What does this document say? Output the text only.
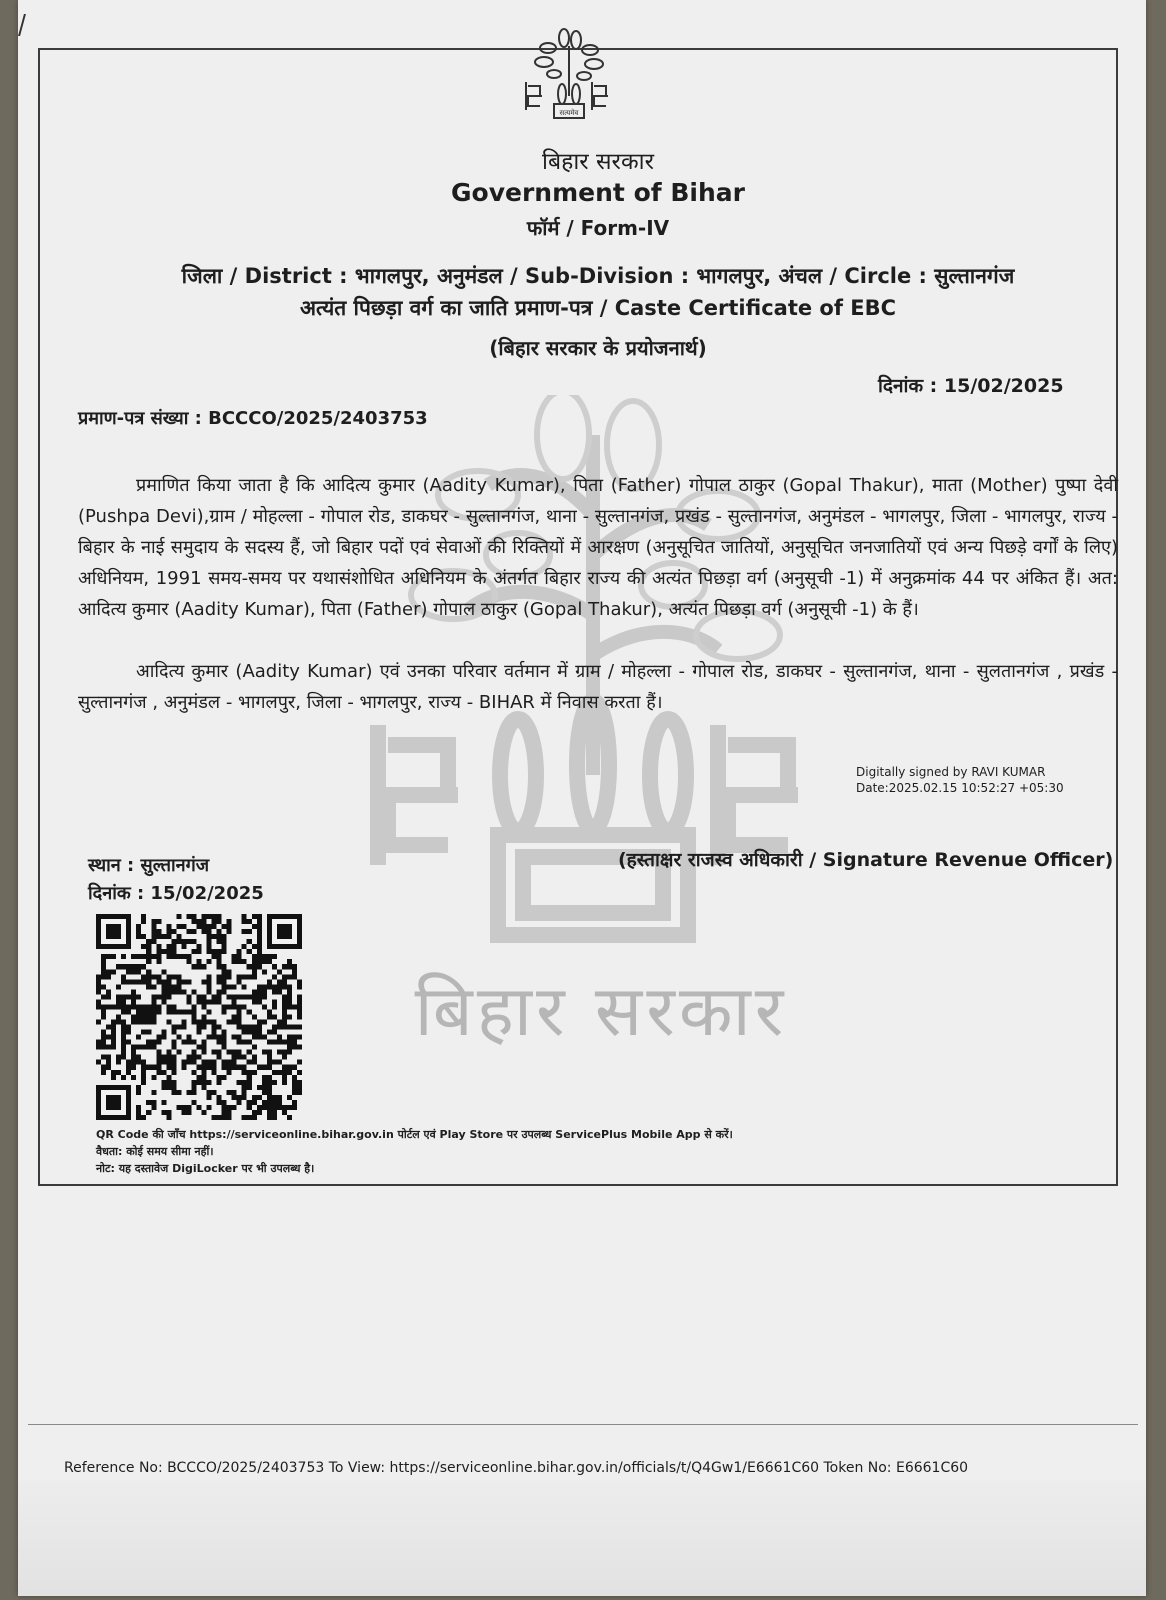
बिहार सरकार
सत्यमेव
बिहार सरकार
Government of Bihar
फॉर्म / Form-IV
जिला / District : भागलपुर, अनुमंडल / Sub-Division : भागलपुर, अंचल / Circle : सुल्तानगंज
अत्यंत पिछड़ा वर्ग का जाति प्रमाण-पत्र / Caste Certificate of EBC
(बिहार सरकार के प्रयोजनार्थ)
दिनांक : 15/02/2025
प्रमाण-पत्र संख्या : BCCCO/2025/2403753

प्रमाणित किया जाता है कि आदित्य कुमार (Aadity Kumar), पिता (Father) गोपाल ठाकुर (Gopal Thakur), माता (Mother) पुष्पा देवी (Pushpa Devi),ग्राम / मोहल्ला - गोपाल रोड, डाकघर - सुल्तानगंज, थाना - सुल्तानगंज, प्रखंड - सुल्तानगंज, अनुमंडल - भागलपुर, जिला - भागलपुर, राज्य - बिहार के नाई समुदाय के सदस्य हैं, जो बिहार पदों एवं सेवाओं की रिक्तियों में आरक्षण (अनुसूचित जातियों, अनुसूचित जनजातियों एवं अन्य पिछड़े वर्गों के लिए) अधिनियम, 1991 समय-समय पर यथासंशोधित अधिनियम के अंतर्गत बिहार राज्य की अत्यंत पिछड़ा वर्ग (अनुसूची -1) में अनुक्रमांक 44 पर अंकित हैं। अत: आदित्य कुमार (Aadity Kumar), पिता (Father) गोपाल ठाकुर (Gopal Thakur), अत्यंत पिछड़ा वर्ग (अनुसूची -1) के हैं।

आदित्य कुमार (Aadity Kumar) एवं उनका परिवार वर्तमान में ग्राम / मोहल्ला - गोपाल रोड, डाकघर - सुल्तानगंज, थाना - सुलतानगंज , प्रखंड - सुल्तानगंज , अनुमंडल - भागलपुर, जिला - भागलपुर, राज्य - BIHAR में निवास करता हैं।

Digitally signed by RAVI KUMAR
Date:2025.02.15 10:52:27 +05:30
स्थान : सुल्तानगंज
दिनांक : 15/02/2025
(हस्ताक्षर राजस्व अधिकारी / Signature Revenue Officer)
QR Code की जाँच https://serviceonline.bihar.gov.in पोर्टल एवं Play Store पर उपलब्ध ServicePlus Mobile App से करें।
वैधता: कोई समय सीमा नहीं।
नोट: यह दस्तावेज DigiLocker पर भी उपलब्ध है।
Reference No: BCCCO/2025/2403753 To View: https://serviceonline.bihar.gov.in/officials/t/Q4Gw1/E6661C60 Token No: E6661C60
